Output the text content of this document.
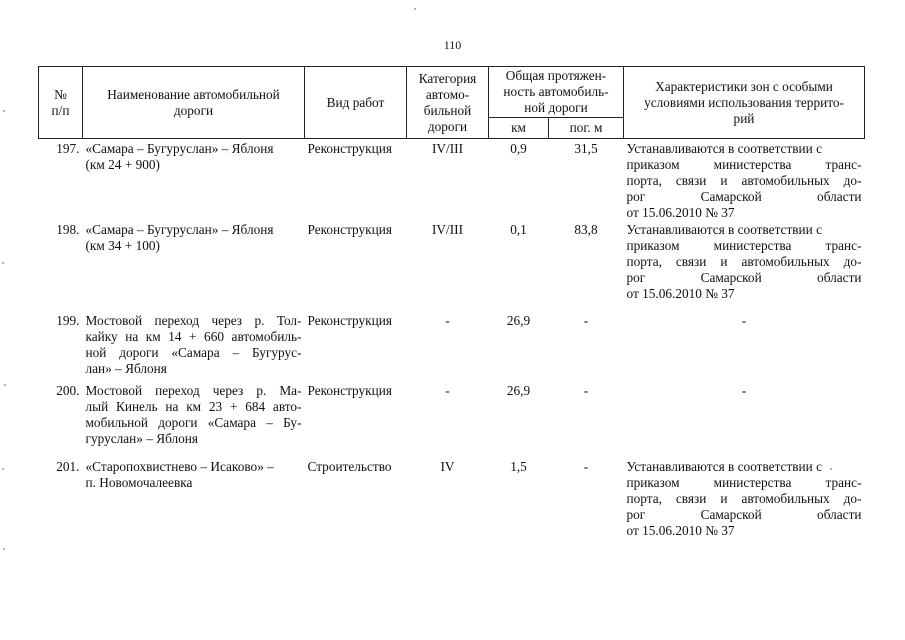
110
№
п/п	Наименование автомобильной
дороги	Вид работ	Категория
автомо-
бильной
дороги	Общая протяжен-
ность автомобиль-
ной дороги		Характеристики зон с особыми
условиями использования террито-
рий

				км	пог. м	
197.	«Самара – Бугуруслан» – Яблоня
(км 24 + 900)	Реконструкция	IV/III	0,9	31,5	Устанавливаются в соответствии с
приказом министерства транс-
порта, связи и автомобильных до-
рог Самарской области
от 15.06.2010 № 37

198.	«Самара – Бугуруслан» – Яблоня
(км 34 + 100)	Реконструкция	IV/III	0,1	83,8	Устанавливаются в соответствии с
приказом министерства транс-
порта, связи и автомобильных до-
рог Самарской области
от 15.06.2010 № 37

199.	Мостовой переход через р. Тол-
кайку на км 14 + 660 автомобиль-
ной дороги «Самара – Бугурус-
лан» – Яблоня	Реконструкция	-	26,9	-	-

200.	Мостовой переход через р. Ма-
лый Кинель на км 23 + 684 авто-
мобильной дороги «Самара – Бу-
гуруслан» – Яблоня	Реконструкция	-	26,9	-	-

201.	«Старопохвистнево – Исаково» –
п. Новомочалеевка	Строительство	IV	1,5	-	Устанавливаются в соответствии с
приказом министерства транс-
порта, связи и автомобильных до-
рог Самарской области
от 15.06.2010 № 37
